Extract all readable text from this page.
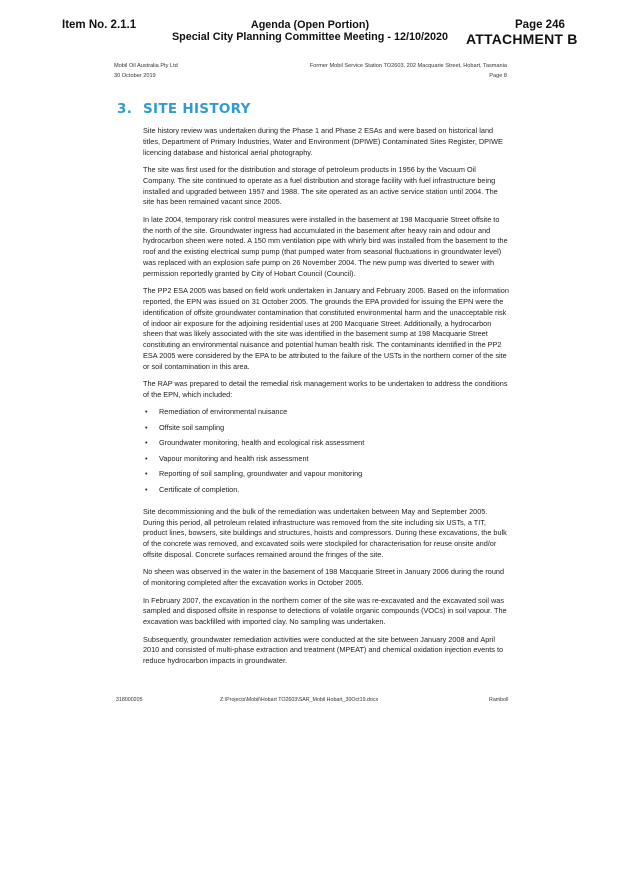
Item No. 2.1.1	Agenda (Open Portion)
Special City Planning Committee Meeting - 12/10/2020
Page 246
ATTACHMENT B
Mobil Oil Australia Pty Ltd
30 October 2019
Former Mobil Service Station TO2603, 202 Macquarie Street, Hobart, Tasmania
Page 8
3. SITE HISTORY

Site history review was undertaken during the Phase 1 and Phase 2 ESAs and were based on historical land titles, Department of Primary Industries, Water and Environment (DPIWE) Contaminated Sites Register, DPIWE licencing database and historical aerial photography.

The site was first used for the distribution and storage of petroleum products in 1956 by the Vacuum Oil Company. The site continued to operate as a fuel distribution and storage facility with fuel infrastructure being installed and upgraded between 1957 and 1988. The site operated as an active service station until 2004. The site has been remained vacant since 2005.

In late 2004, temporary risk control measures were installed in the basement at 198 Macquarie Street offsite to the north of the site. Groundwater ingress had accumulated in the basement after heavy rain and odour and hydrocarbon sheen were noted. A 150 mm ventilation pipe with whirly bird was installed from the basement to the roof and the existing electrical sump pump (that pumped water from seasonal fluctuations in groundwater level) was replaced with an explosion safe pump on 26 November 2004. The new pump was diverted to sewer with permission reportedly granted by City of Hobart Council (Council).

The PP2 ESA 2005 was based on field work undertaken in January and February 2005. Based on the information reported, the EPN was issued on 31 October 2005. The grounds the EPA provided for issuing the EPN were the identification of offsite groundwater contamination that constituted environmental harm and the unacceptable risk of indoor air exposure for the adjoining residential uses at 200 Macquarie Street. Additionally, a hydrocarbon sheen that was likely associated with the site was identified in the basement sump at 198 Macquarie Street constituting an environmental nuisance and potential human health risk. The contaminants identified in the PP2 ESA 2005 were considered by the EPA to be attributed to the failure of the USTs in the northern corner of the site or soil contamination in this area.

The RAP was prepared to detail the remedial risk management works to be undertaken to address the conditions of the EPN, which included:

• Remediation of environmental nuisance
• Offsite soil sampling
• Groundwater monitoring, health and ecological risk assessment
• Vapour monitoring and health risk assessment
• Reporting of soil sampling, groundwater and vapour monitoring
• Certificate of completion.

Site decommissioning and the bulk of the remediation was undertaken between May and September 2005. During this period, all petroleum related infrastructure was removed from the site including six USTs, a TIT, product lines, bowsers, site buildings and structures, hoists and compressors. During these excavations, the bulk of the concrete was removed, and excavated soils were stockpiled for characterisation for reuse onsite and/or offsite disposal. Concrete surfaces remained around the fringes of the site.

No sheen was observed in the water in the basement of 198 Macquarie Street in January 2006 during the round of monitoring completed after the excavation works in October 2005.

In February 2007, the excavation in the northern corner of the site was re-excavated and the excavated soil was sampled and disposed offsite in response to detections of volatile organic compounds (VOCs) in soil vapour. The excavation was backfilled with imported clay. No sampling was undertaken.

Subsequently, groundwater remediation activities were conducted at the site between January 2008 and April 2010 and consisted of multi-phase extraction and treatment (MPEAT) and chemical oxidation injection events to reduce hydrocarbon impacts in groundwater.

318000205	Z:\Projects\Mobil\Hobart TO2603\SAR_Mobil Hobart_30Oct19.docx	Ramboll
